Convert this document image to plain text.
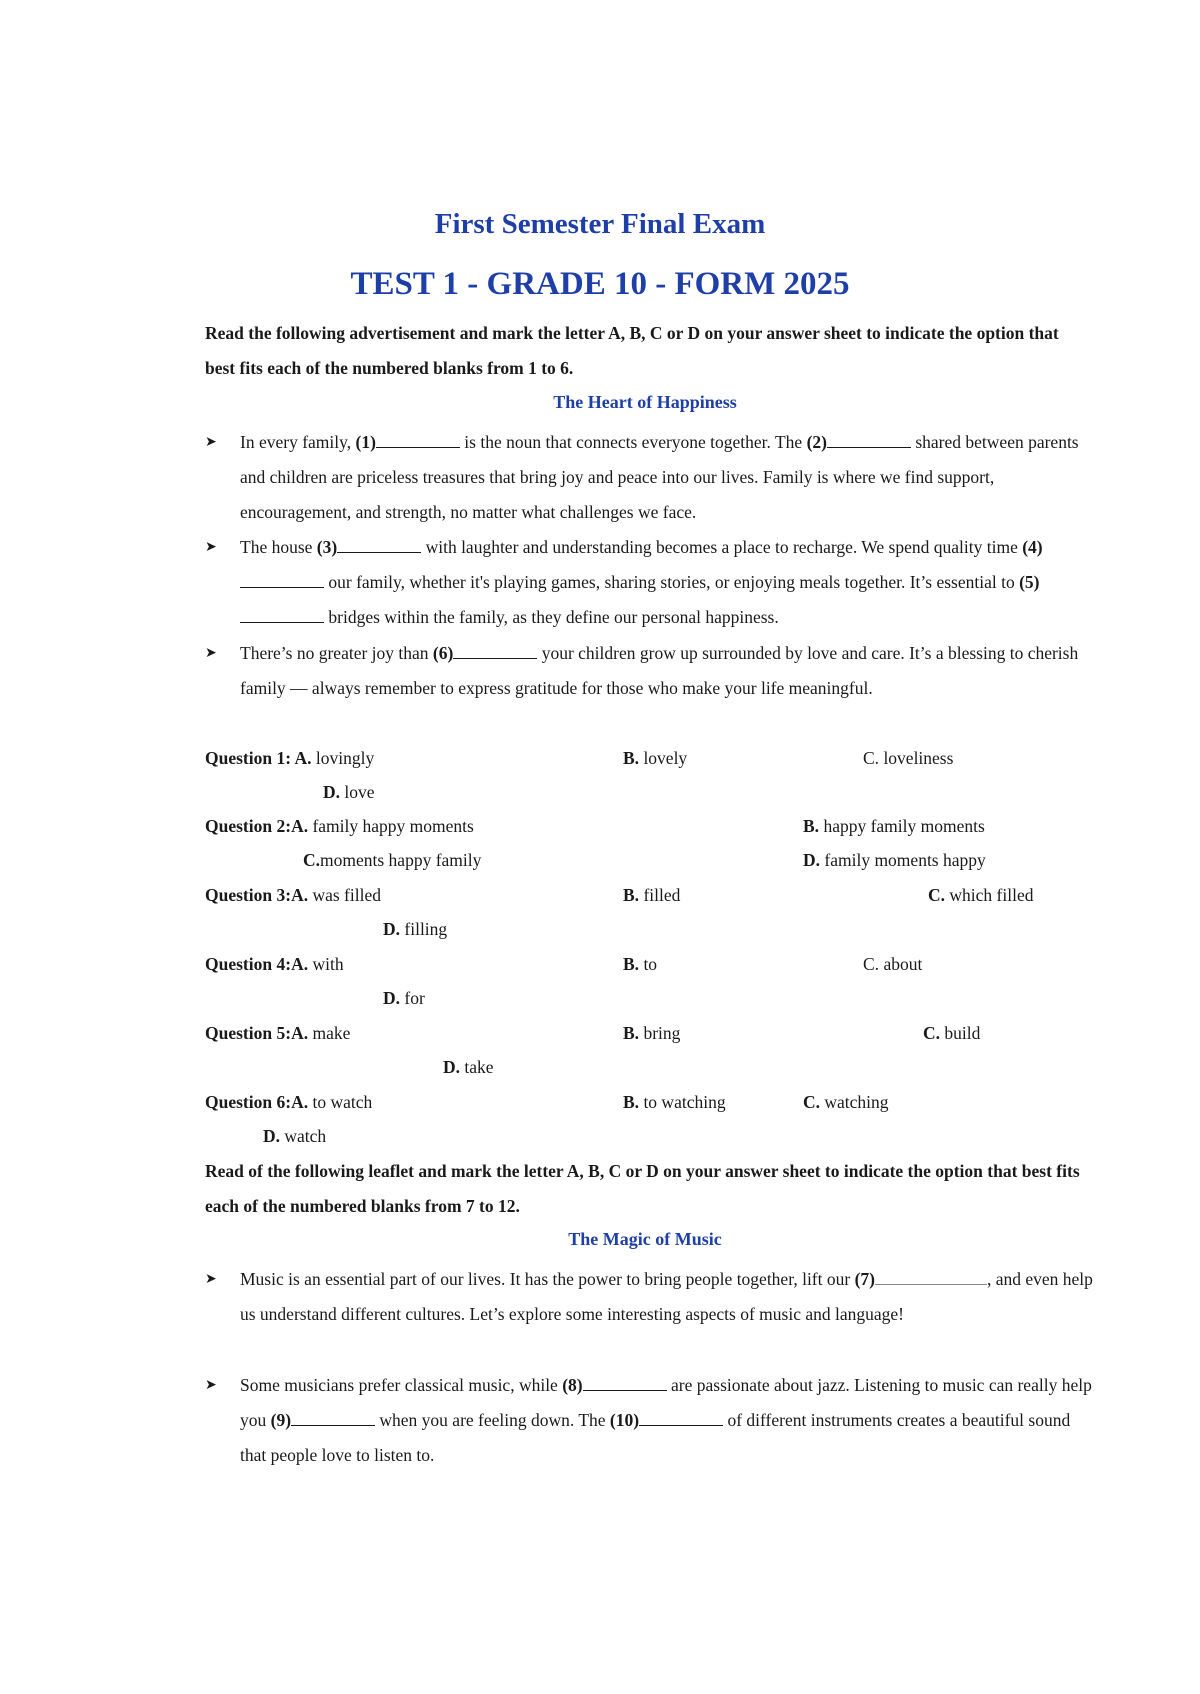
First Semester Final Exam
TEST 1 - GRADE 10 - FORM 2025
Read the following advertisement and mark the letter A, B, C or D on your answer sheet to indicate the option that best fits each of the numbered blanks from 1 to 6.
The Heart of Happiness
➤ In every family, (1)	is the noun that connects everyone together. The (2)	shared between parents and children are priceless treasures that bring joy and peace into our lives. Family is where we find support, encouragement, and strength, no matter what challenges we face.
➤ The house (3)	with laughter and understanding becomes a place to recharge. We spend quality time (4) our family, whether it's playing games, sharing stories, or enjoying meals together. It’s essential to (5) bridges within the family, as they define our personal happiness.
➤ There’s no greater joy than (6)	your children grow up surrounded by love and care. It’s a blessing to cherish family — always remember to express gratitude for those who make your life meaningful.
Question 1: A. lovingly	B. lovely	C. loveliness
D. love
Question 2:A. family happy moments	B. happy family moments
C.moments happy family	D. family moments happy
Question 3:A. was filled	B. filled	C. which filled
D. filling
Question 4:A. with	B. to	C. about
D. for
Question 5:A. make	B. bring	C. build
D. take
Question 6:A. to watch	B. to watching	C. watching
D. watch
Read of the following leaflet and mark the letter A, B, C or D on your answer sheet to indicate the option that best fits each of the numbered blanks from 7 to 12.
The Magic of Music
➤ Music is an essential part of our lives. It has the power to bring people together, lift our (7)	, and even help us understand different cultures. Let’s explore some interesting aspects of music and language!
➤ Some musicians prefer classical music, while (8)	are passionate about jazz. Listening to music can really help you (9)	when you are feeling down. The (10)	of different instruments creates a beautiful sound that people love to listen to.
